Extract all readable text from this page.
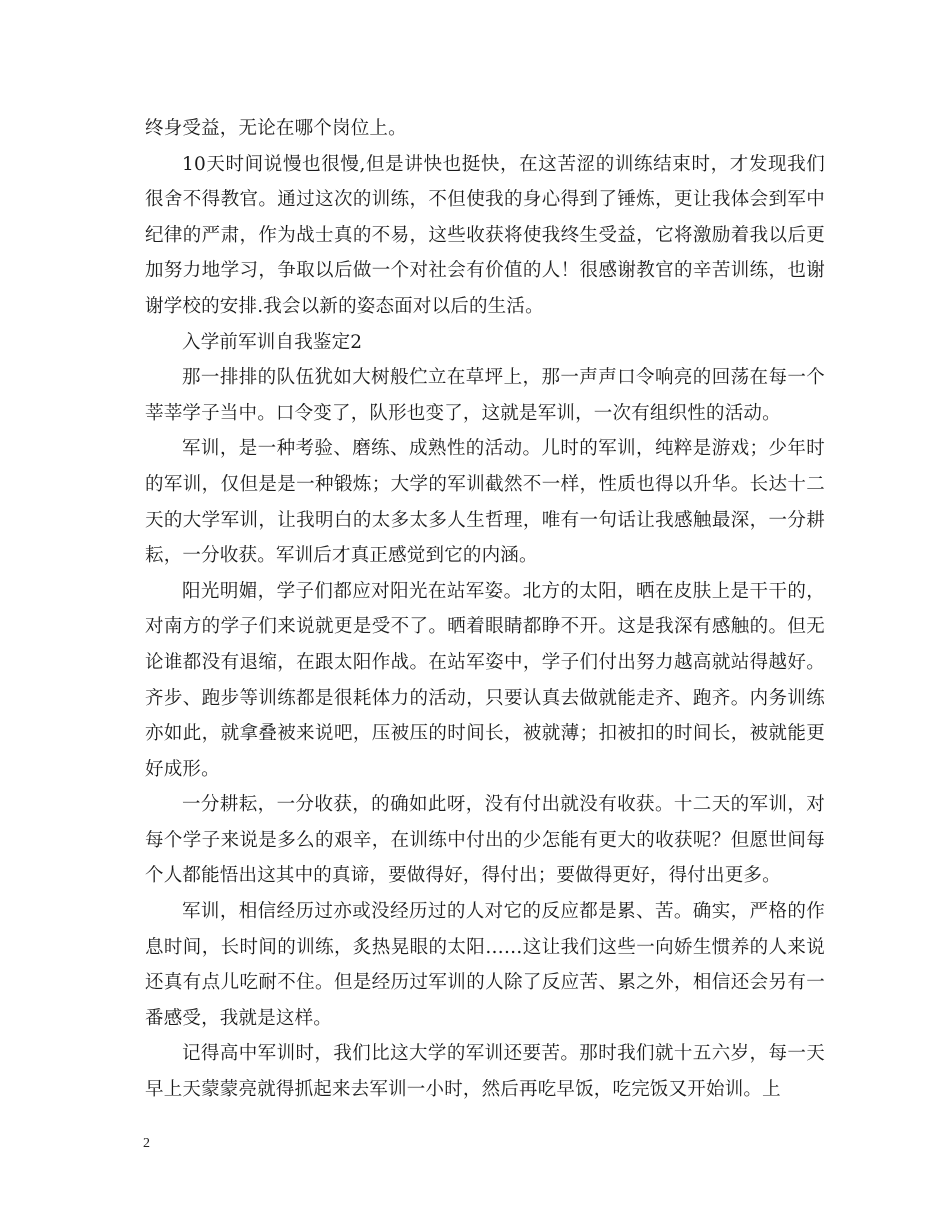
终身受益，无论在哪个岗位上。

10天时间说慢也很慢,但是讲快也挺快，在这苦涩的训练结束时，才发现我们很舍不得教官。通过这次的训练，不但使我的身心得到了锤炼，更让我体会到军中纪律的严肃，作为战士真的不易，这些收获将使我终生受益，它将激励着我以后更加努力地学习，争取以后做一个对社会有价值的人！很感谢教官的辛苦训练，也谢谢学校的安排.我会以新的姿态面对以后的生活。

入学前军训自我鉴定2

那一排排的队伍犹如大树般伫立在草坪上，那一声声口令响亮的回荡在每一个莘莘学子当中。口令变了，队形也变了，这就是军训，一次有组织性的活动。

军训，是一种考验、磨练、成熟性的活动。儿时的军训，纯粹是游戏；少年时的军训，仅但是是一种锻炼；大学的军训截然不一样，性质也得以升华。长达十二天的大学军训，让我明白的太多太多人生哲理，唯有一句话让我感触最深，一分耕耘，一分收获。军训后才真正感觉到它的内涵。

阳光明媚，学子们都应对阳光在站军姿。北方的太阳，晒在皮肤上是干干的，对南方的学子们来说就更是受不了。晒着眼睛都睁不开。这是我深有感触的。但无论谁都没有退缩，在跟太阳作战。在站军姿中，学子们付出努力越高就站得越好。齐步、跑步等训练都是很耗体力的活动，只要认真去做就能走齐、跑齐。内务训练亦如此，就拿叠被来说吧，压被压的时间长，被就薄；扣被扣的时间长，被就能更好成形。

一分耕耘，一分收获，的确如此呀，没有付出就没有收获。十二天的军训，对每个学子来说是多么的艰辛，在训练中付出的少怎能有更大的收获呢？但愿世间每个人都能悟出这其中的真谛，要做得好，得付出；要做得更好，得付出更多。

军训，相信经历过亦或没经历过的人对它的反应都是累、苦。确实，严格的作息时间，长时间的训练，炙热晃眼的太阳……这让我们这些一向娇生惯养的人来说还真有点儿吃耐不住。但是经历过军训的人除了反应苦、累之外，相信还会另有一番感受，我就是这样。

记得高中军训时，我们比这大学的军训还要苦。那时我们就十五六岁，每一天早上天蒙蒙亮就得抓起来去军训一小时，然后再吃早饭，吃完饭又开始训。上

2
